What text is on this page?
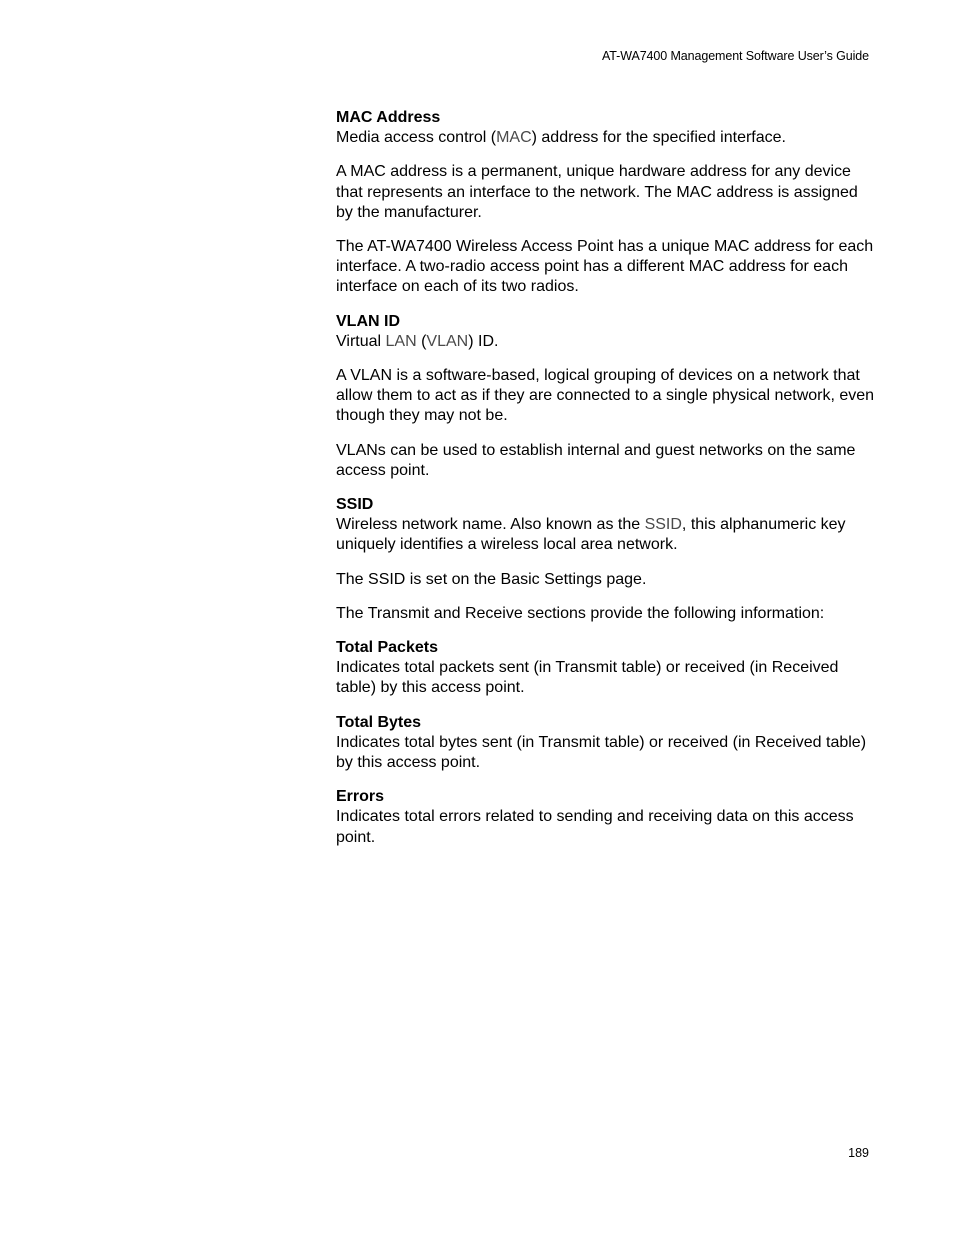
AT-WA7400 Management Software User’s Guide
MAC Address

Media access control (MAC) address for the specified interface.

A MAC address is a permanent, unique hardware address for any device that represents an interface to the network. The MAC address is assigned by the manufacturer.

The AT-WA7400 Wireless Access Point has a unique MAC address for each interface. A two-radio access point has a different MAC address for each interface on each of its two radios.

VLAN ID

Virtual LAN (VLAN) ID.

A VLAN is a software-based, logical grouping of devices on a network that allow them to act as if they are connected to a single physical network, even though they may not be.

VLANs can be used to establish internal and guest networks on the same access point.

SSID

Wireless network name. Also known as the SSID, this alphanumeric key uniquely identifies a wireless local area network.

The SSID is set on the Basic Settings page.

The Transmit and Receive sections provide the following information:

Total Packets

Indicates total packets sent (in Transmit table) or received (in Received table) by this access point.

Total Bytes

Indicates total bytes sent (in Transmit table) or received (in Received table) by this access point.

Errors

Indicates total errors related to sending and receiving data on this access point.

189
